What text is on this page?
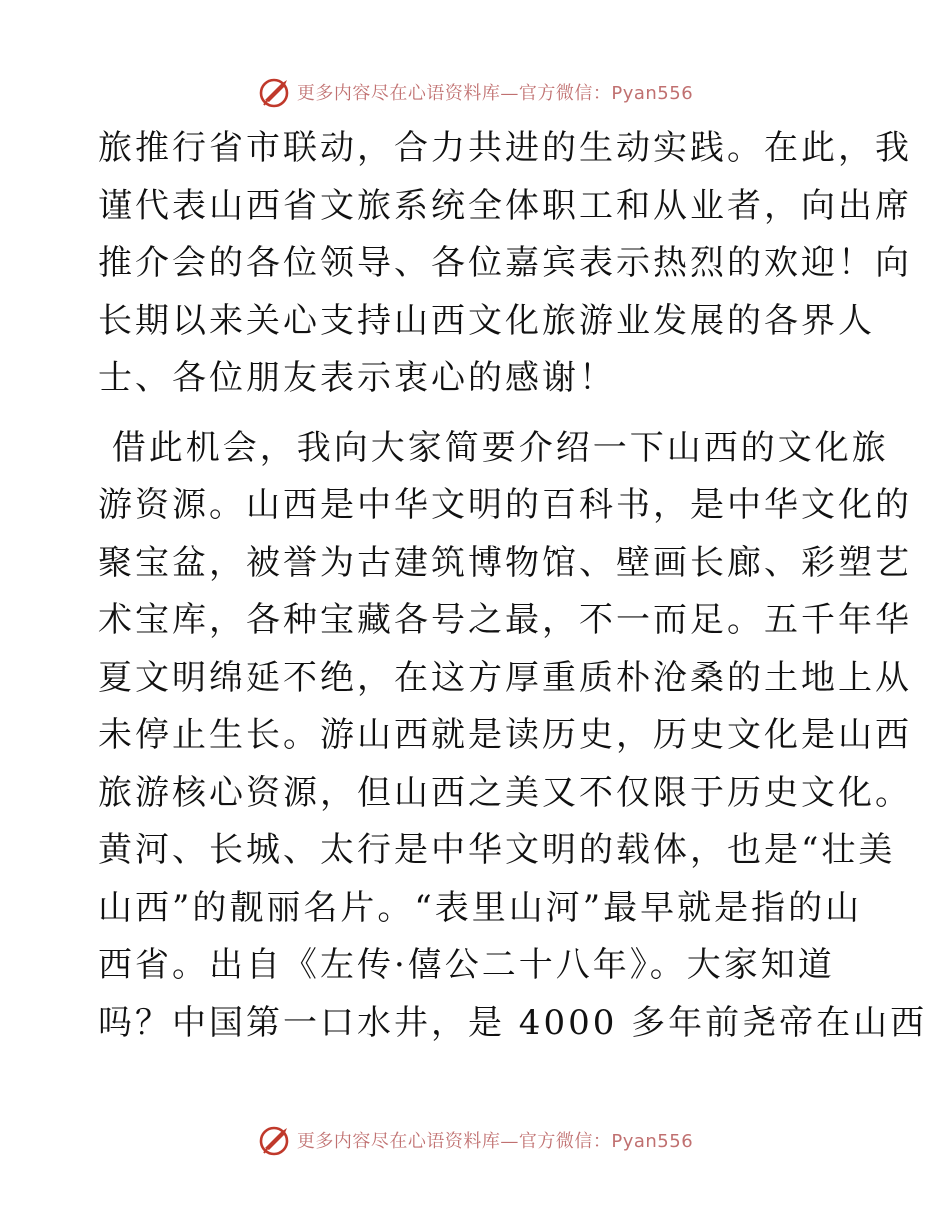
更多内容尽在心语资料库—官方微信：Pyan556
旅推行省市联动，合力共进的生动实践。在此，我
谨代表山西省文旅系统全体职工和从业者，向出席
推介会的各位领导、各位嘉宾表示热烈的欢迎！向
长期以来关心支持山西文化旅游业发展的各界人
士、各位朋友表示衷心的感谢！
借此机会，我向大家简要介绍一下山西的文化旅
游资源。山西是中华文明的百科书，是中华文化的
聚宝盆，被誉为古建筑博物馆、壁画长廊、彩塑艺
术宝库，各种宝藏各号之最，不一而足。五千年华
夏文明绵延不绝，在这方厚重质朴沧桑的土地上从
未停止生长。游山西就是读历史，历史文化是山西
旅游核心资源，但山西之美又不仅限于历史文化。
黄河、长城、太行是中华文明的载体，也是“壮美
山西”的靓丽名片。“表里山河”最早就是指的山
西省。出自《左传·僖公二十八年》。大家知道
吗？中国第一口水井，是 4000 多年前尧帝在山西
更多内容尽在心语资料库—官方微信：Pyan556
